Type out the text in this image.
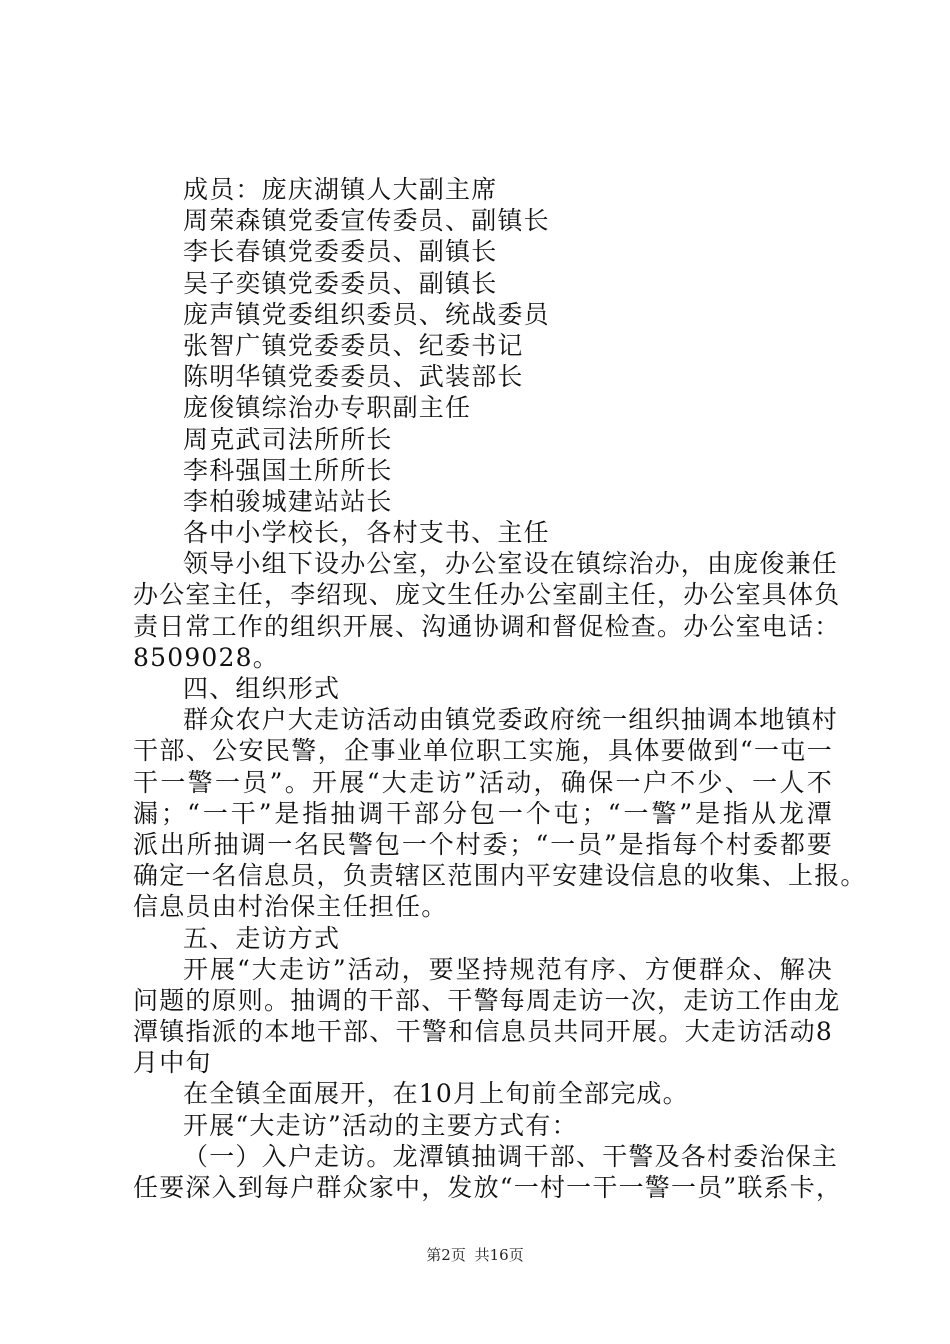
成员：庞庆湖镇人大副主席
周荣森镇党委宣传委员、副镇长
李长春镇党委委员、副镇长
吴子奕镇党委委员、副镇长
庞声镇党委组织委员、统战委员
张智广镇党委委员、纪委书记
陈明华镇党委委员、武装部长
庞俊镇综治办专职副主任
周克武司法所所长
李科强国土所所长
李柏骏城建站站长
各中小学校长，各村支书、主任
领导小组下设办公室，办公室设在镇综治办，由庞俊兼任
办公室主任，李绍现、庞文生任办公室副主任，办公室具体负
责日常工作的组织开展、沟通协调和督促检查。办公室电话：
8509028。
四、组织形式
群众农户大走访活动由镇党委政府统一组织抽调本地镇村
干部、公安民警，企事业单位职工实施，具体要做到“一屯一
干一警一员”。开展“大走访”活动，确保一户不少、一人不
漏；“一干”是指抽调干部分包一个屯；“一警”是指从龙潭
派出所抽调一名民警包一个村委；“一员”是指每个村委都要
确定一名信息员，负责辖区范围内平安建设信息的收集、上报。
信息员由村治保主任担任。
五、走访方式
开展“大走访”活动，要坚持规范有序、方便群众、解决
问题的原则。抽调的干部、干警每周走访一次，走访工作由龙
潭镇指派的本地干部、干警和信息员共同开展。大走访活动8
月中旬
在全镇全面展开，在10月上旬前全部完成。
开展“大走访”活动的主要方式有：
（一）入户走访。龙潭镇抽调干部、干警及各村委治保主
任要深入到每户群众家中，发放“一村一干一警一员”联系卡，
第2页 共16页
